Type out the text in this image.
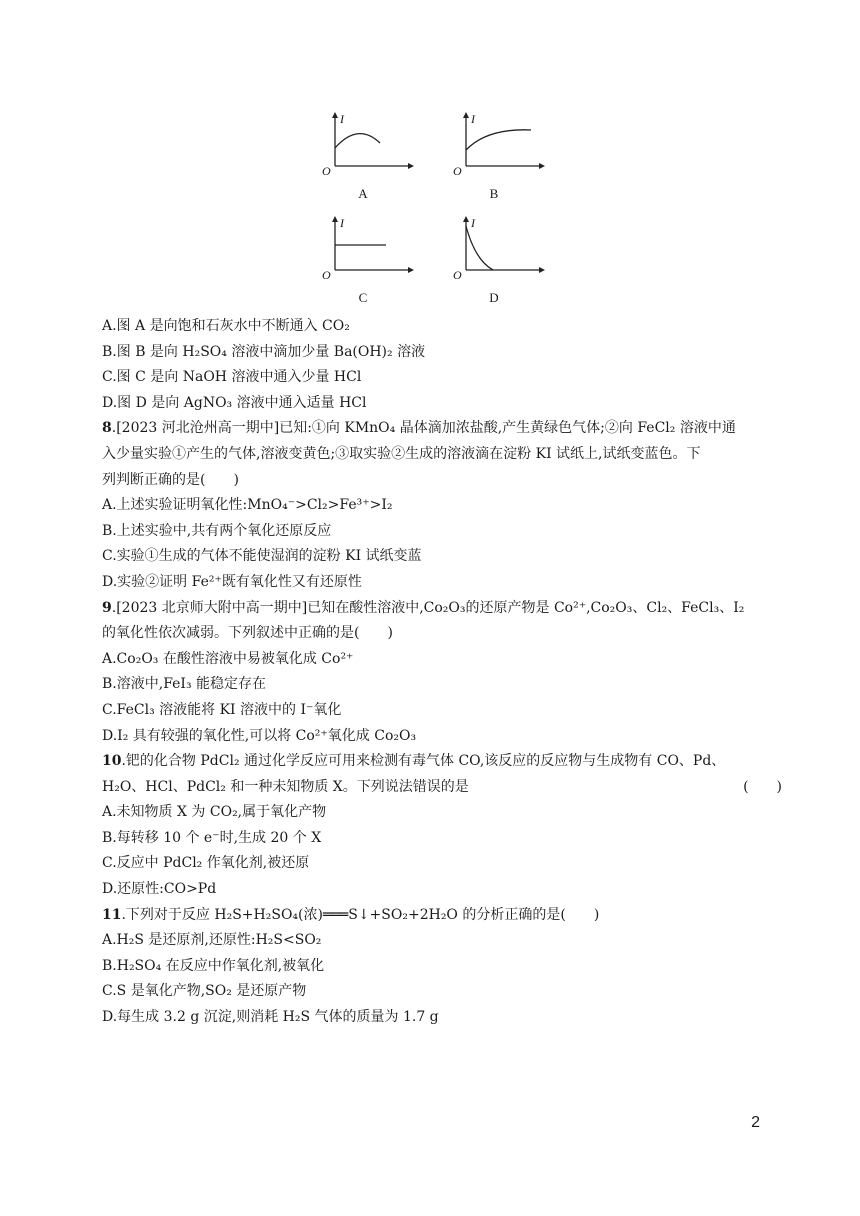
I
O
A
I
O
B
I
O
C
I
O
D
A.图 A 是向饱和石灰水中不断通入 CO₂
B.图 B 是向 H₂SO₄ 溶液中滴加少量 Ba(OH)₂ 溶液
C.图 C 是向 NaOH 溶液中通入少量 HCl
D.图 D 是向 AgNO₃ 溶液中通入适量 HCl
8.[2023 河北沧州高一期中]已知:①向 KMnO₄ 晶体滴加浓盐酸,产生黄绿色气体;②向 FeCl₂ 溶液中通
入少量实验①产生的气体,溶液变黄色;③取实验②生成的溶液滴在淀粉 KI 试纸上,试纸变蓝色。下
列判断正确的是(　　)
A.上述实验证明氧化性:MnO₄⁻>Cl₂>Fe³⁺>I₂
B.上述实验中,共有两个氧化还原反应
C.实验①生成的气体不能使湿润的淀粉 KI 试纸变蓝
D.实验②证明 Fe²⁺既有氧化性又有还原性
9.[2023 北京师大附中高一期中]已知在酸性溶液中,Co₂O₃的还原产物是 Co²⁺,Co₂O₃、Cl₂、FeCl₃、I₂
的氧化性依次减弱。下列叙述中正确的是(　　)
A.Co₂O₃ 在酸性溶液中易被氧化成 Co²⁺
B.溶液中,FeI₃ 能稳定存在
C.FeCl₃ 溶液能将 KI 溶液中的 I⁻氧化
D.I₂ 具有较强的氧化性,可以将 Co²⁺氧化成 Co₂O₃
10.钯的化合物 PdCl₂ 通过化学反应可用来检测有毒气体 CO,该反应的反应物与生成物有 CO、Pd、
H₂O、HCl、PdCl₂ 和一种未知物质 X。下列说法错误的是	(　　)
A.未知物质 X 为 CO₂,属于氧化产物
B.每转移 10 个 e⁻时,生成 20 个 X
C.反应中 PdCl₂ 作氧化剂,被还原
D.还原性:CO>Pd
11.下列对于反应 H₂S+H₂SO₄(浓)═══S↓+SO₂+2H₂O 的分析正确的是(　　)
A.H₂S 是还原剂,还原性:H₂S<SO₂
B.H₂SO₄ 在反应中作氧化剂,被氧化
C.S 是氧化产物,SO₂ 是还原产物
D.每生成 3.2 g 沉淀,则消耗 H₂S 气体的质量为 1.7 g
2
